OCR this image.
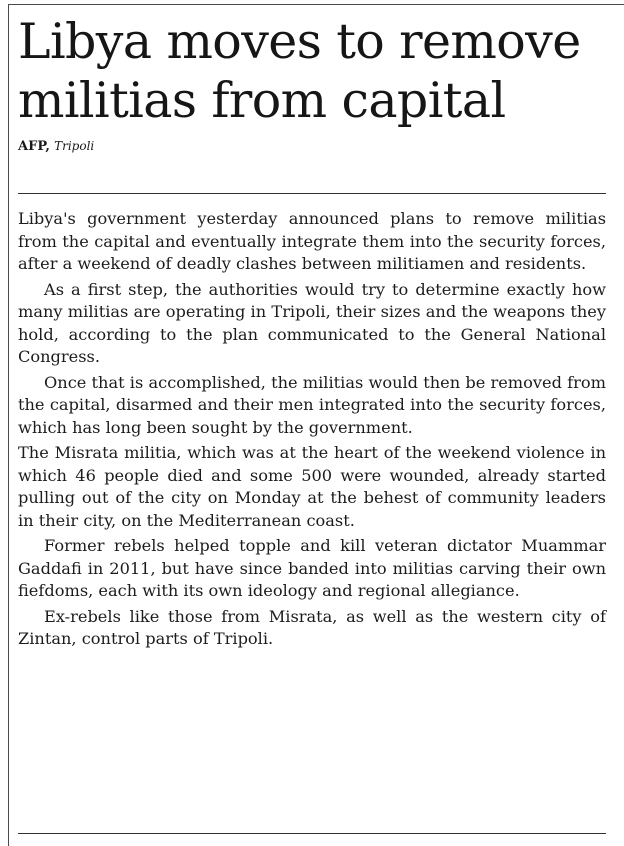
Libya moves to remove
militias from capital
AFP, Tripoli

Libya's government yesterday announced plans to remove militias from the capital and eventually integrate them into the security forces, after a weekend of deadly clashes between militiamen and residents.

As a first step, the authorities would try to determine exactly how many militias are operating in Tripoli, their sizes and the weapons they hold, according to the plan communicated to the General National Congress.

Once that is accomplished, the militias would then be removed from the capital, disarmed and their men integrated into the security forces, which has long been sought by the government.

The Misrata militia, which was at the heart of the weekend violence in which 46 people died and some 500 were wounded, already started pulling out of the city on Monday at the behest of community leaders in their city, on the Mediterranean coast.

Former rebels helped topple and kill veteran dictator Muammar Gaddafi in 2011, but have since banded into militias carving their own fiefdoms, each with its own ideology and regional allegiance.

Ex-rebels like those from Misrata, as well as the western city of Zintan, control parts of Tripoli.
